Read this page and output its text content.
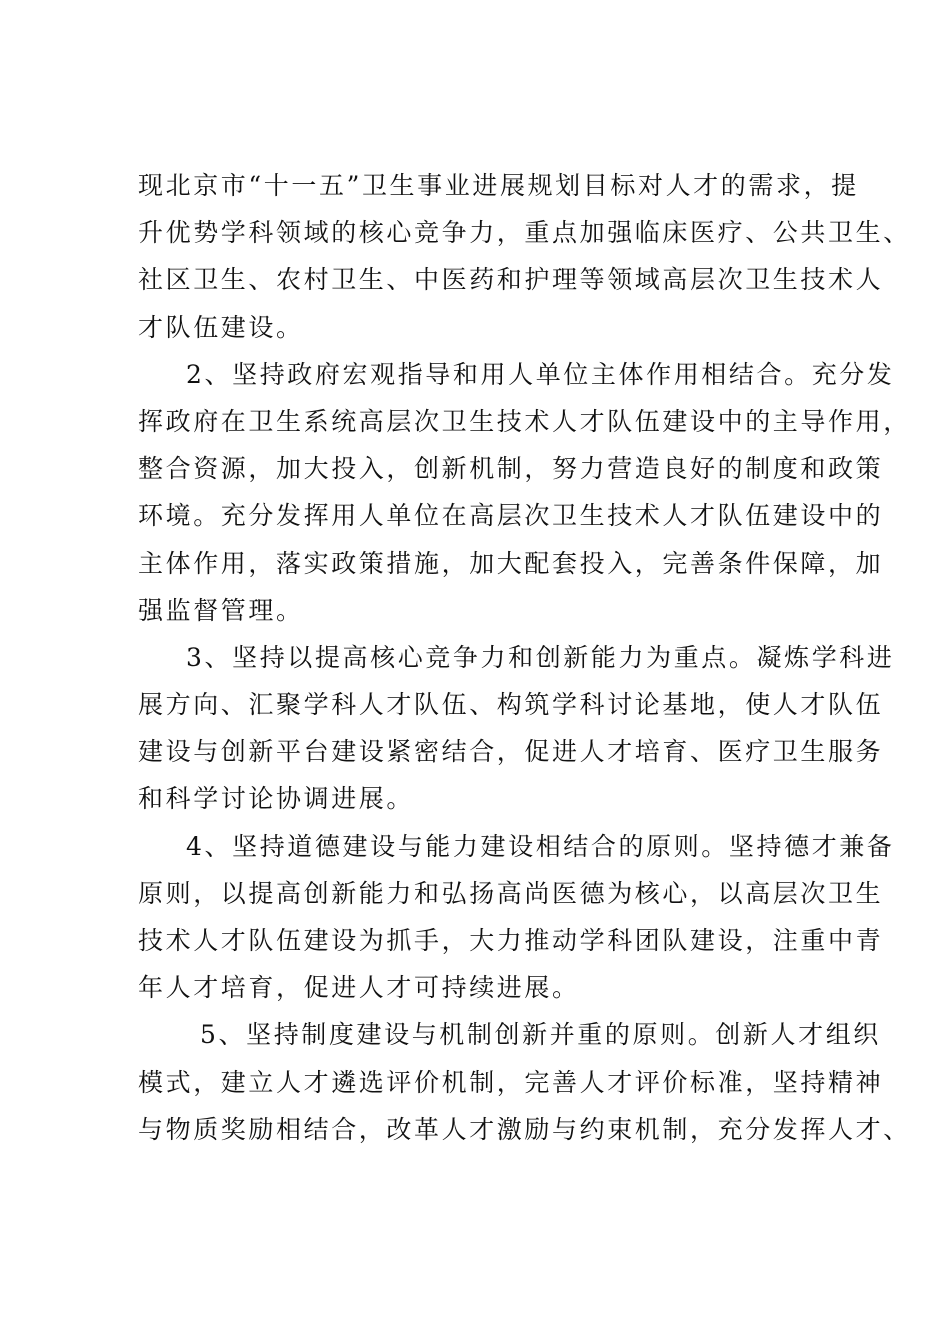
现北京市“十一五”卫生事业进展规划目标对人才的需求，提
升优势学科领域的核心竞争力，重点加强临床医疗、公共卫生、
社区卫生、农村卫生、中医药和护理等领域高层次卫生技术人
才队伍建设。
2、坚持政府宏观指导和用人单位主体作用相结合。充分发
挥政府在卫生系统高层次卫生技术人才队伍建设中的主导作用，
整合资源，加大投入，创新机制，努力营造良好的制度和政策
环境。充分发挥用人单位在高层次卫生技术人才队伍建设中的
主体作用，落实政策措施，加大配套投入，完善条件保障，加
强监督管理。
3、坚持以提高核心竞争力和创新能力为重点。凝炼学科进
展方向、汇聚学科人才队伍、构筑学科讨论基地，使人才队伍
建设与创新平台建设紧密结合，促进人才培育、医疗卫生服务
和科学讨论协调进展。
4、坚持道德建设与能力建设相结合的原则。坚持德才兼备
原则，以提高创新能力和弘扬高尚医德为核心，以高层次卫生
技术人才队伍建设为抓手，大力推动学科团队建设，注重中青
年人才培育，促进人才可持续进展。
5、坚持制度建设与机制创新并重的原则。创新人才组织
模式，建立人才遴选评价机制，完善人才评价标准，坚持精神
与物质奖励相结合，改革人才激励与约束机制，充分发挥人才、
